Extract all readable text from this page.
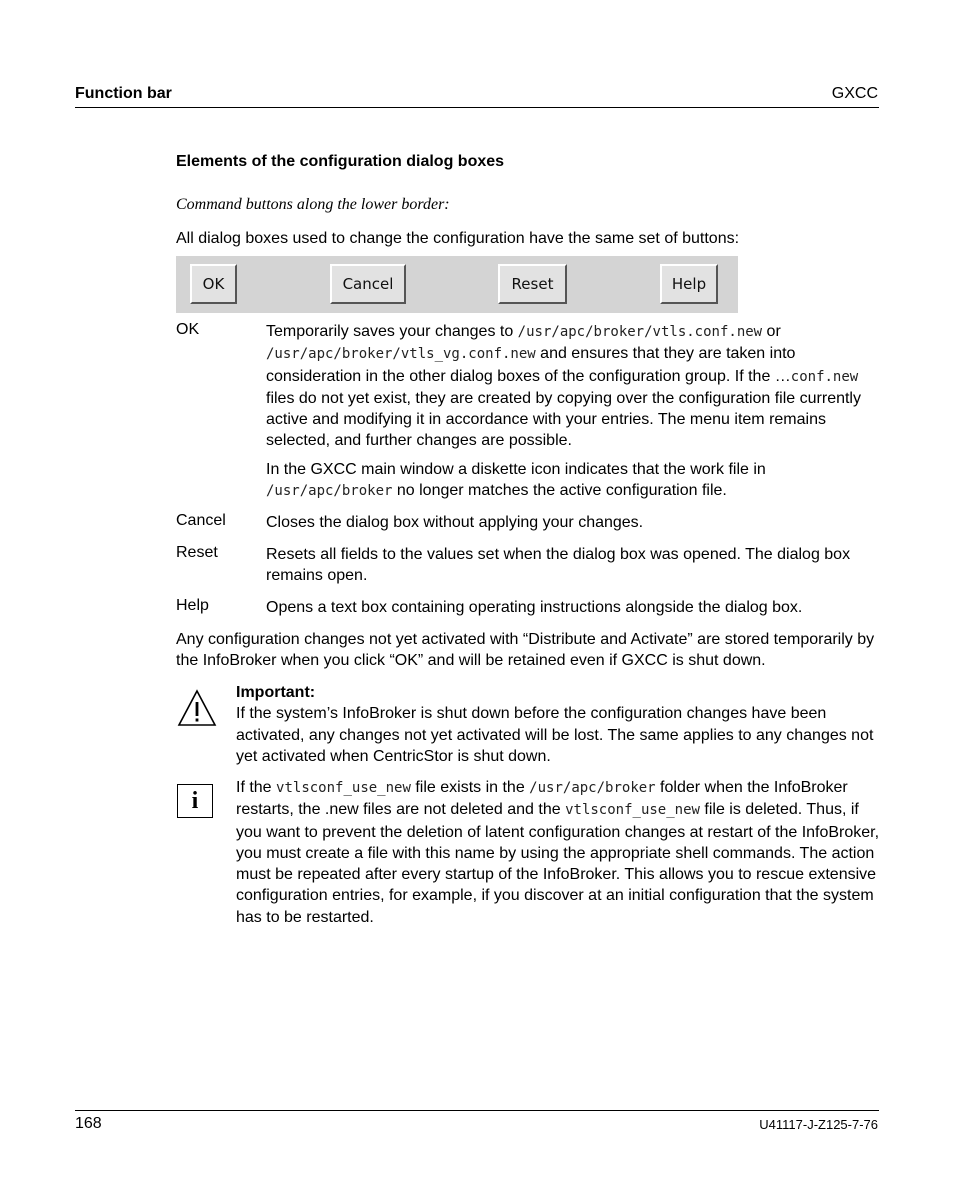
Function bar	GXCC
Elements of the configuration dialog boxes
Command buttons along the lower border:
All dialog boxes used to change the configuration have the same set of buttons:
OK	Cancel	Reset	Help
OK	Temporarily saves your changes to /usr/apc/broker/vtls.conf.new or
/usr/apc/broker/vtls_vg.conf.new and ensures that they are taken into consideration in the other dialog boxes of the configuration group. If the …conf.new files do not yet exist, they are created by copying over the configuration file currently active and modifying it in accordance with your entries. The menu item remains selected, and further changes are possible.
In the GXCC main window a diskette icon indicates that the work file in
/usr/apc/broker no longer matches the active configuration file.
Cancel	Closes the dialog box without applying your changes.
Reset	Resets all fields to the values set when the dialog box was opened. The dialog box remains open.
Help	Opens a text box containing operating instructions alongside the dialog box.
Any configuration changes not yet activated with “Distribute and Activate” are stored temporarily by the InfoBroker when you click “OK” and will be retained even if GXCC is shut down.
Important:
If the system’s InfoBroker is shut down before the configuration changes have been activated, any changes not yet activated will be lost. The same applies to any changes not yet activated when CentricStor is shut down.
i	If the vtlsconf_use_new file exists in the /usr/apc/broker folder when the InfoBroker restarts, the .new files are not deleted and the vtlsconf_use_new file is deleted. Thus, if you want to prevent the deletion of latent configuration changes at restart of the InfoBroker, you must create a file with this name by using the appropriate shell commands. The action must be repeated after every startup of the InfoBroker. This allows you to rescue extensive configuration entries, for example, if you discover at an initial configuration that the system has to be restarted.
168	U41117-J-Z125-7-76
